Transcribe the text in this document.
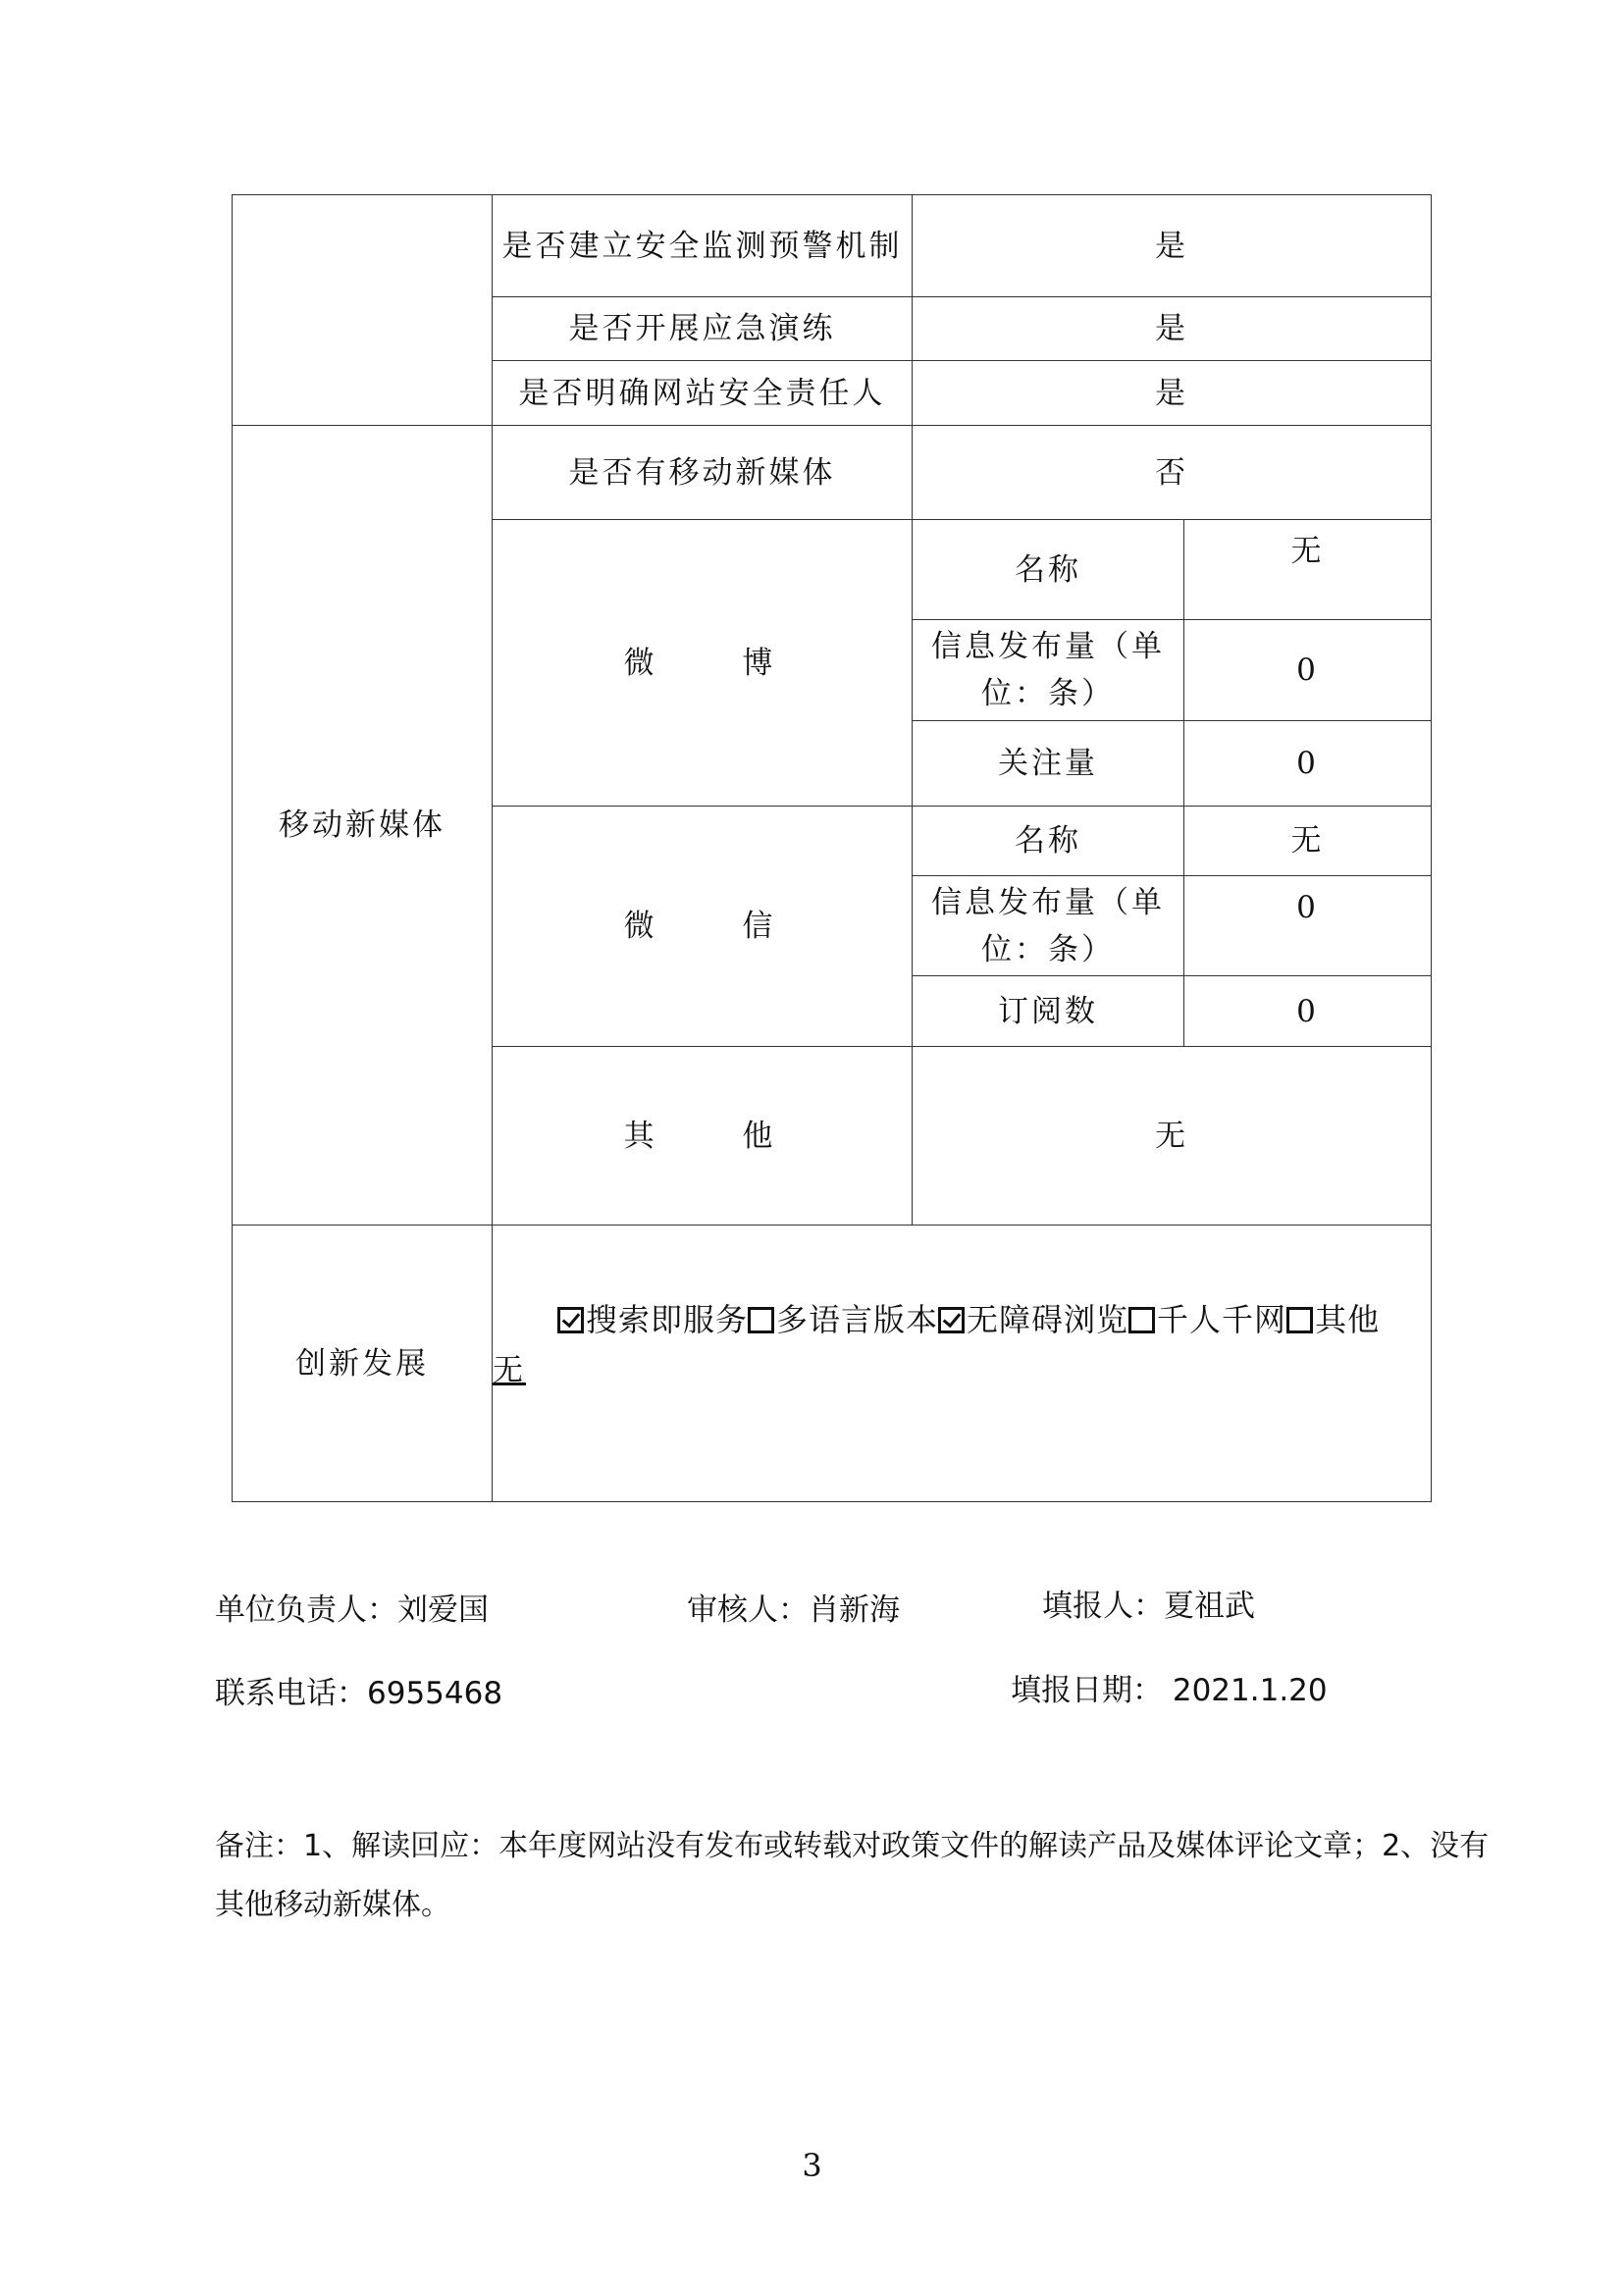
	是否建立安全监测预警机制	是	
	是否开展应急演练	是	
	是否明确网站安全责任人	是	
移动新媒体	是否有移动新媒体	否	
	微 博	名称	无
		信息发布量（单位：条）	0
		关注量	0
	微 信	名称	无
		信息发布量（单位：条）	0
		订阅数	0
	其 他	无	
创新发展	搜索即服务 多语言版本 无障碍浏览 千人千网 其他
无		
单位负责人：刘爱国	审核人：肖新海	填报人：夏祖武
联系电话：6955468	填报日期： 2021.1.20
备注：1、解读回应：本年度网站没有发布或转载对政策文件的解读产品及媒体评论文章；2、没有其他移动新媒体。
3
